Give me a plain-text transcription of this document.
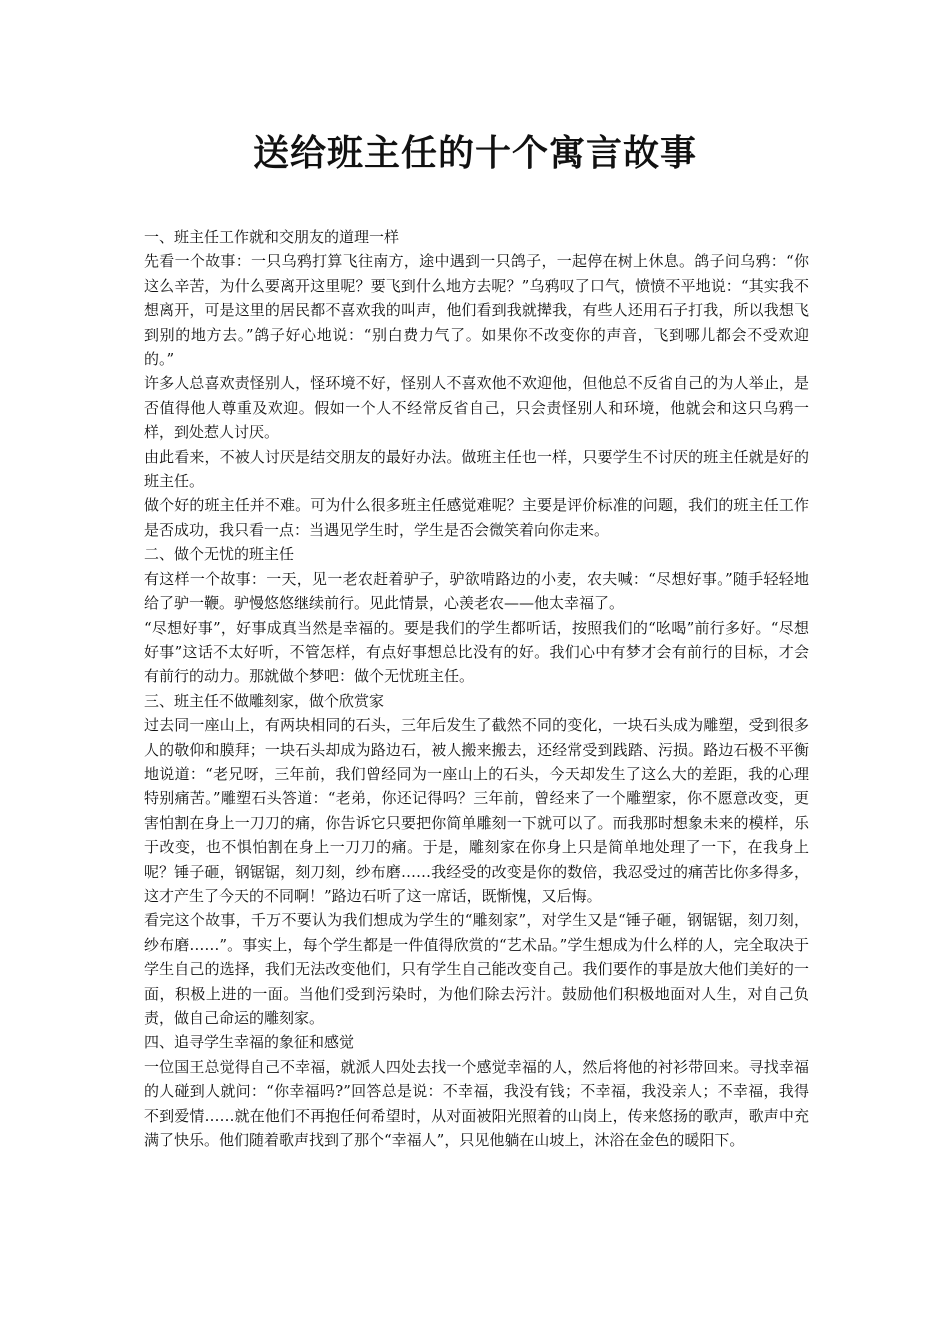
送给班主任的十个寓言故事

一、班主任工作就和交朋友的道理一样

先看一个故事：一只乌鸦打算飞往南方，途中遇到一只鸽子，一起停在树上休息。鸽子问乌鸦：“你这么辛苦，为什么要离开这里呢？要飞到什么地方去呢？”乌鸦叹了口气，愤愤不平地说：“其实我不想离开，可是这里的居民都不喜欢我的叫声，他们看到我就撵我，有些人还用石子打我，所以我想飞到别的地方去。”鸽子好心地说：“别白费力气了。如果你不改变你的声音，飞到哪儿都会不受欢迎的。”

许多人总喜欢责怪别人，怪环境不好，怪别人不喜欢他不欢迎他，但他总不反省自己的为人举止，是否值得他人尊重及欢迎。假如一个人不经常反省自己，只会责怪别人和环境，他就会和这只乌鸦一样，到处惹人讨厌。

由此看来，不被人讨厌是结交朋友的最好办法。做班主任也一样，只要学生不讨厌的班主任就是好的班主任。

做个好的班主任并不难。可为什么很多班主任感觉难呢？主要是评价标准的问题，我们的班主任工作是否成功，我只看一点：当遇见学生时，学生是否会微笑着向你走来。

二、做个无忧的班主任

有这样一个故事：一天，见一老农赶着驴子，驴欲啃路边的小麦，农夫喊：“尽想好事。”随手轻轻地给了驴一鞭。驴慢悠悠继续前行。见此情景，心羡老农——他太幸福了。

“尽想好事”，好事成真当然是幸福的。要是我们的学生都听话，按照我们的“吆喝”前行多好。“尽想好事”这话不太好听，不管怎样，有点好事想总比没有的好。我们心中有梦才会有前行的目标，才会有前行的动力。那就做个梦吧：做个无忧班主任。

三、班主任不做雕刻家，做个欣赏家

过去同一座山上，有两块相同的石头，三年后发生了截然不同的变化，一块石头成为雕塑，受到很多人的敬仰和膜拜；一块石头却成为路边石，被人搬来搬去，还经常受到践踏、污损。路边石极不平衡地说道：“老兄呀，三年前，我们曾经同为一座山上的石头，今天却发生了这么大的差距，我的心理特别痛苦。”雕塑石头答道：“老弟，你还记得吗？三年前，曾经来了一个雕塑家，你不愿意改变，更害怕割在身上一刀刀的痛，你告诉它只要把你简单雕刻一下就可以了。而我那时想象未来的模样，乐于改变，也不惧怕割在身上一刀刀的痛。于是，雕刻家在你身上只是简单地处理了一下，在我身上呢？锤子砸，钢锯锯，刻刀刻，纱布磨……我经受的改变是你的数倍，我忍受过的痛苦比你多得多，这才产生了今天的不同啊！”路边石听了这一席话，既惭愧，又后悔。

看完这个故事，千万不要认为我们想成为学生的“雕刻家”，对学生又是“锤子砸，钢锯锯，刻刀刻，纱布磨……”。事实上，每个学生都是一件值得欣赏的“艺术品。”学生想成为什么样的人，完全取决于学生自己的选择，我们无法改变他们，只有学生自己能改变自己。我们要作的事是放大他们美好的一面，积极上进的一面。当他们受到污染时，为他们除去污汁。鼓励他们积极地面对人生，对自己负责，做自己命运的雕刻家。

四、追寻学生幸福的象征和感觉

一位国王总觉得自己不幸福，就派人四处去找一个感觉幸福的人，然后将他的衬衫带回来。寻找幸福的人碰到人就问：“你幸福吗?”回答总是说：不幸福，我没有钱；不幸福，我没亲人；不幸福，我得不到爱情……就在他们不再抱任何希望时，从对面被阳光照着的山岗上，传来悠扬的歌声，歌声中充满了快乐。他们随着歌声找到了那个“幸福人”，只见他躺在山坡上，沐浴在金色的暖阳下。
